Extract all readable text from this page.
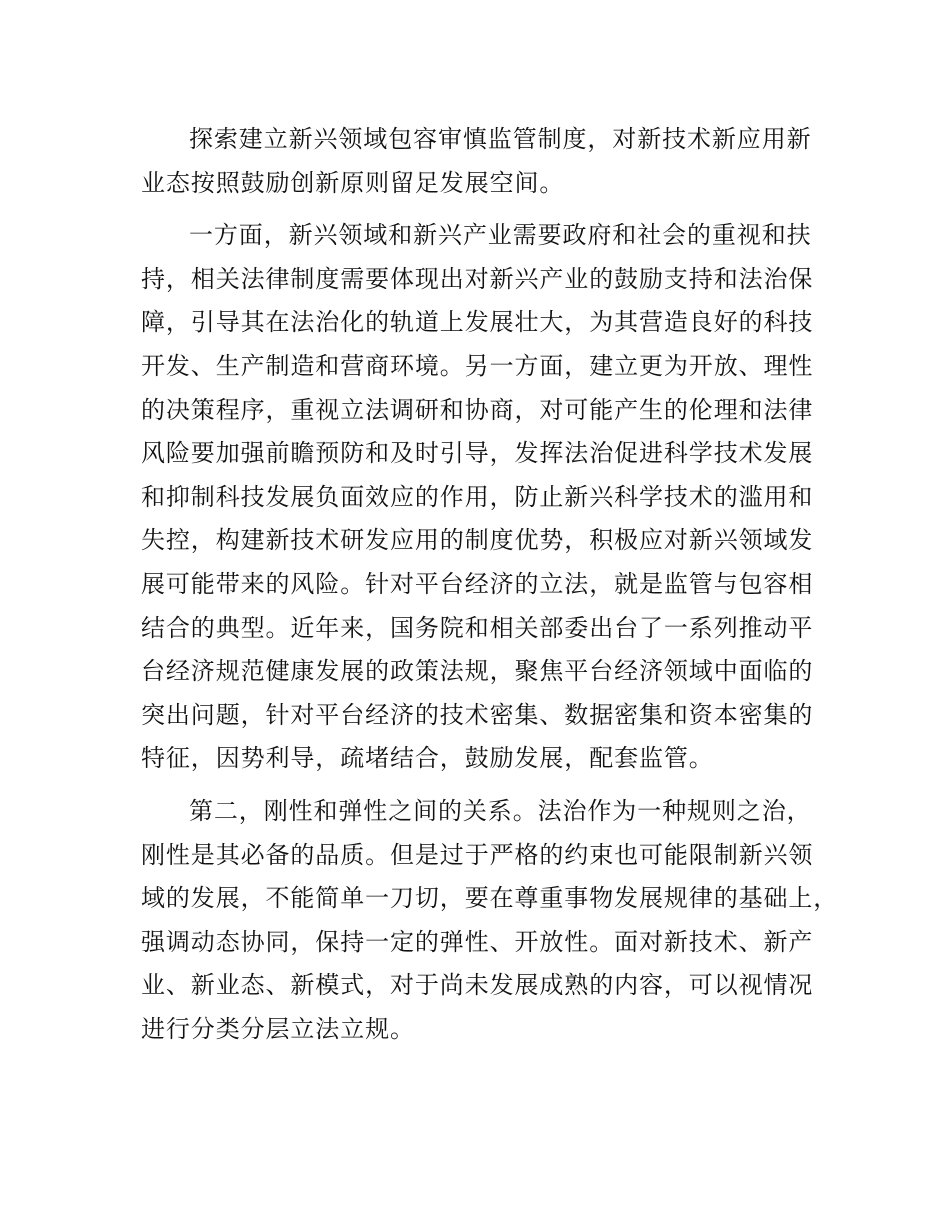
探索建立新兴领域包容审慎监管制度，对新技术新应用新
业态按照鼓励创新原则留足发展空间。

一方面，新兴领域和新兴产业需要政府和社会的重视和扶
持，相关法律制度需要体现出对新兴产业的鼓励支持和法治保
障，引导其在法治化的轨道上发展壮大，为其营造良好的科技
开发、生产制造和营商环境。另一方面，建立更为开放、理性
的决策程序，重视立法调研和协商，对可能产生的伦理和法律
风险要加强前瞻预防和及时引导，发挥法治促进科学技术发展
和抑制科技发展负面效应的作用，防止新兴科学技术的滥用和
失控，构建新技术研发应用的制度优势，积极应对新兴领域发
展可能带来的风险。针对平台经济的立法，就是监管与包容相
结合的典型。近年来，国务院和相关部委出台了一系列推动平
台经济规范健康发展的政策法规，聚焦平台经济领域中面临的
突出问题，针对平台经济的技术密集、数据密集和资本密集的
特征，因势利导，疏堵结合，鼓励发展，配套监管。

第二，刚性和弹性之间的关系。法治作为一种规则之治，
刚性是其必备的品质。但是过于严格的约束也可能限制新兴领
域的发展，不能简单一刀切，要在尊重事物发展规律的基础上，
强调动态协同，保持一定的弹性、开放性。面对新技术、新产
业、新业态、新模式，对于尚未发展成熟的内容，可以视情况
进行分类分层立法立规。
